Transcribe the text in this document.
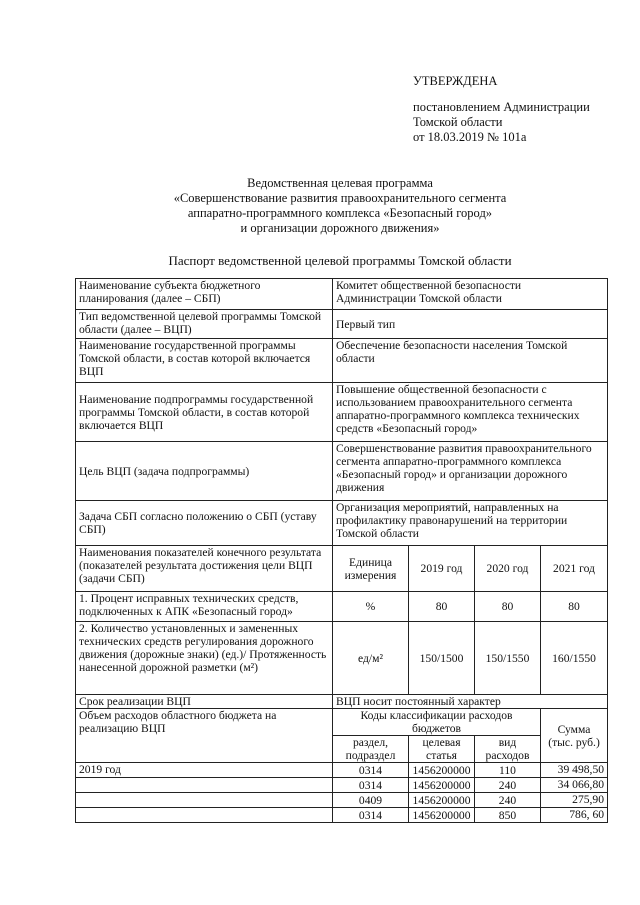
УТВЕРЖДЕНА
постановлением Администрации
Томской области
от 18.03.2019 № 101а
Ведомственная целевая программа
«Совершенствование развития правоохранительного сегмента
аппаратно-программного комплекса «Безопасный город»
и организации дорожного движения»
Паспорт ведомственной целевой программы Томской области
Наименование субъекта бюджетного планирования (далее – СБП)	Комитет общественной безопасности Администрации Томской области			
Тип ведомственной целевой программы Томской области (далее – ВЦП)	Первый тип			
Наименование государственной программы Томской области, в состав которой включается ВЦП	Обеспечение безопасности населения Томской области			
Наименование подпрограммы государственной программы Томской области, в состав которой включается ВЦП	Повышение общественной безопасности с использованием правоохранительного сегмента аппаратно-программного комплекса технических средств «Безопасный город»			
Цель ВЦП (задача подпрограммы)	Совершенствование развития правоохранительного сегмента аппаратно-программного комплекса «Безопасный город» и организации дорожного движения			
Задача СБП согласно положению о СБП (уставу СБП)	Организация мероприятий, направленных на профилактику правонарушений на территории Томской области			
Наименования показателей конечного результата (показателей результата достижения цели ВЦП (задачи СБП)	Единица измерения	2019 год	2020 год	2021 год
1. Процент исправных технических средств, подключенных к АПК «Безопасный город»	%	80	80	80
2. Количество установленных и замененных технических средств регулирования дорожного движения (дорожные знаки) (ед.)/ Протяженность нанесенной дорожной разметки (м²)	ед/м²	150/1500	150/1550	160/1550
Срок реализации ВЦП	ВЦП носит постоянный характер			
Объем расходов областного бюджета на реализацию ВЦП	Коды классификации расходов бюджетов			Сумма (тыс. руб.)
	раздел, подраздел	целевая статья	вид расходов	
2019 год	0314	1456200000	110	39 498,50
	0314	1456200000	240	34 066,80
	0409	1456200000	240	275,90
	0314	1456200000	850	786, 60
